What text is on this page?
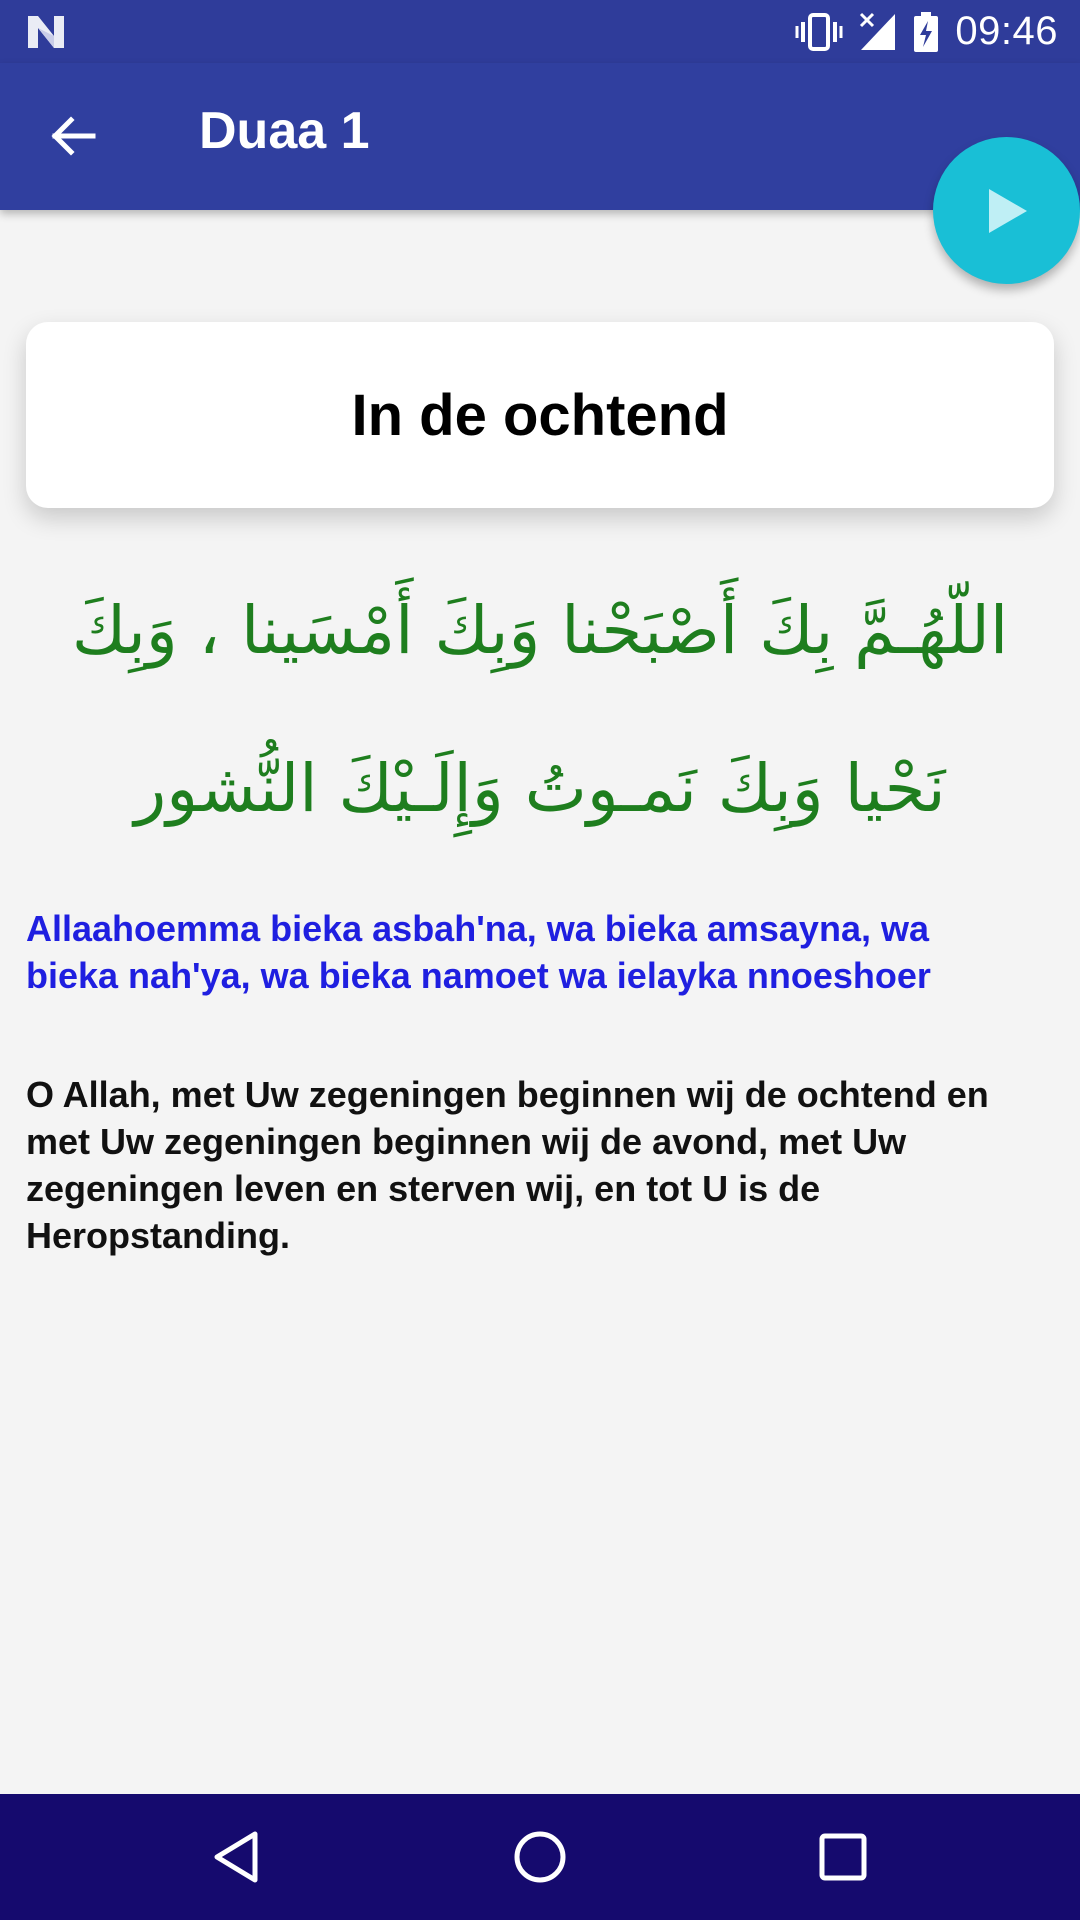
09:46
Duaa 1
In de ochtend
اللّهُـمَّ بِكَ أَصْبَحْنا وَبِكَ أَمْسَينا ، وَبِكَ نَحْيا وَبِكَ نَمـوتُ وَإِلَـيْكَ النُّشور
Allaahoemma bieka asbah'na, wa bieka amsayna, wa bieka nah'ya, wa bieka namoet wa ielayka nnoeshoer
O Allah, met Uw zegeningen beginnen wij de ochtend en met Uw zegeningen beginnen wij de avond, met Uw zegeningen leven en sterven wij, en tot U is de Heropstanding.
